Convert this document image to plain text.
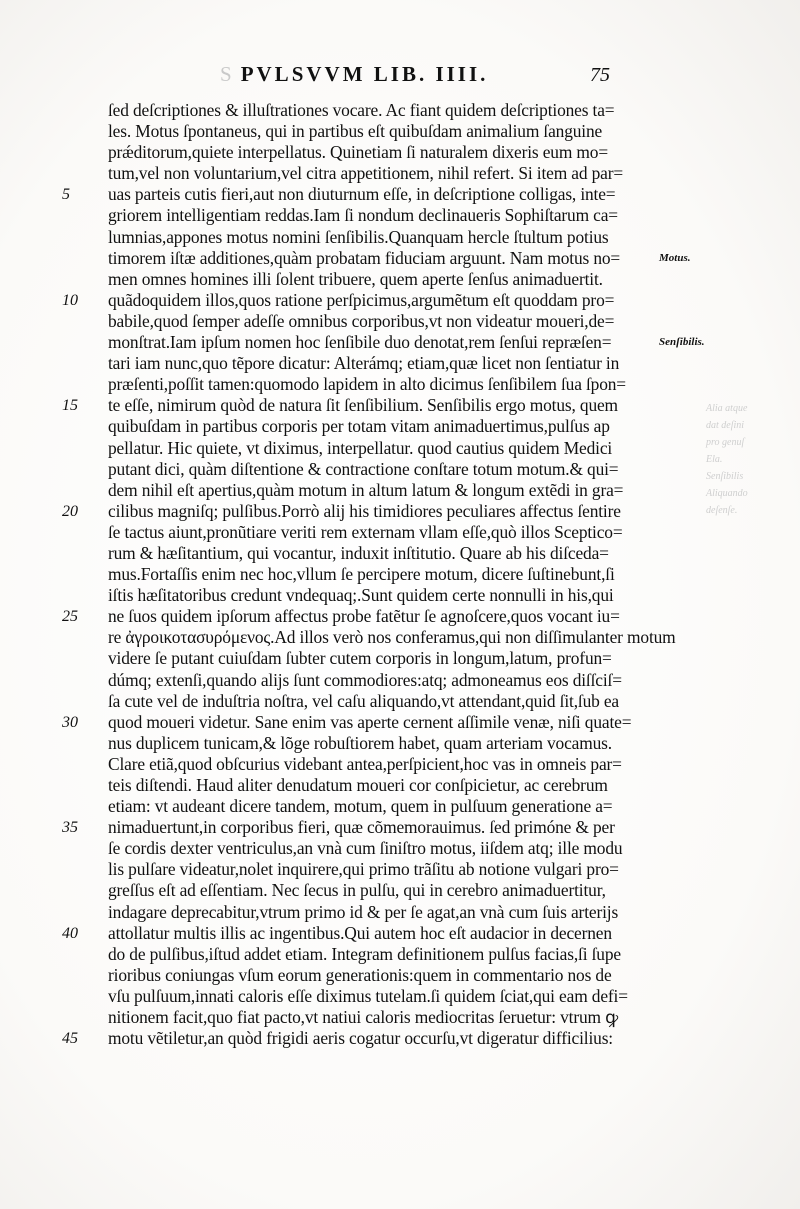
S PVLSVVM LIB. IIII.	75
Alia atque
dat deſini
pro genuſ
Ela.
Senſibilis
Aliquando
deſenſe.
ſed deſcriptiones & illuſtrationes vocare. Ac fiant quidem deſcriptiones ta=
les. Motus ſpontaneus, qui in partibus eſt quibuſdam animalium ſanguine
prǽditorum,quiete interpellatus. Quinetiam ſi naturalem dixeris eum mo=
tum,vel non voluntarium,vel citra appetitionem, nihil refert. Si item ad par=
uas parteis cutis fieri,aut non diuturnum eſſe, in deſcriptione colligas, inte=
griorem intelligentiam reddas.Iam ſi nondum declinaueris Sophiſtarum ca=
lumnias,appones motus nomini ſenſibilis.Quanquam hercle ſtultum potius
timorem iſtæ additiones,quàm probatam fiduciam arguunt. Nam motus no=
men omnes homines illi ſolent tribuere, quem aperte ſenſus animaduertit.
quãdoquidem illos,quos ratione perſpicimus,argumẽtum eſt quoddam pro=
babile,quod ſemper adeſſe omnibus corporibus,vt non videatur moueri,de=
monſtrat.Iam ipſum nomen hoc ſenſibile duo denotat,rem ſenſui repræſen=
tari iam nunc,quo tẽpore dicatur: Alterámq; etiam,quæ licet non ſentiatur in
præſenti,poſſit tamen:quomodo lapidem in alto dicimus ſenſibilem ſua ſpon=
te eſſe, nimirum quòd de natura ſit ſenſibilium. Senſibilis ergo motus, quem
quibuſdam in partibus corporis per totam vitam animaduertimus,pulſus ap
pellatur. Hic quiete, vt diximus, interpellatur. quod cautius quidem Medici
putant dici, quàm diſtentione & contractione conſtare totum motum.& qui=
dem nihil eſt apertius,quàm motum in altum latum & longum extẽdi in gra=
cilibus magniſq; pulſibus.Porrò alij his timidiores peculiares affectus ſentire
ſe tactus aiunt,pronũtiare veriti rem externam vllam eſſe,quò illos Sceptico=
rum & hæſitantium, qui vocantur, induxit inſtitutio. Quare ab his diſceda=
mus.Fortaſſis enim nec hoc,vllum ſe percipere motum, dicere ſuſtinebunt,ſi
iſtis hæſitatoribus credunt vndequaq;.Sunt quidem certe nonnulli in his,qui
ne ſuos quidem ipſorum affectus probe fatẽtur ſe agnoſcere,quos vocant iu=
re ἀγροικοτασυρόμενος.Ad illos verò nos conferamus,qui non diſſimulanter motum
videre ſe putant cuiuſdam ſubter cutem corporis in longum,latum, profun=
dúmq; extenſi,quando alijs ſunt commodiores:atq; admoneamus eos diſſciſ=
ſa cute vel de induſtria noſtra, vel caſu aliquando,vt attendant,quid ſit,ſub ea
quod moueri videtur. Sane enim vas aperte cernent aſſimile venæ, niſi quate=
nus duplicem tunicam,& lõge robuſtiorem habet, quam arteriam vocamus.
Clare etiã,quod obſcurius videbant antea,perſpicient,hoc vas in omneis par=
teis diſtendi. Haud aliter denudatum moueri cor conſpicietur, ac cerebrum
etiam: vt audeant dicere tandem, motum, quem in pulſuum generatione a=
nimaduertunt,in corporibus fieri, quæ cõmemorauimus. ſed primóne & per
ſe cordis dexter ventriculus,an vnà cum ſiniſtro motus, iiſdem atq; ille modu
lis pulſare videatur,nolet inquirere,qui primo trãſitu ab notione vulgari pro=
greſſus eſt ad eſſentiam. Nec ſecus in pulſu, qui in cerebro animaduertitur,
indagare deprecabitur,vtrum primo id & per ſe agat,an vnà cum ſuis arterijs
attollatur multis illis ac ingentibus.Qui autem hoc eſt audacior in decernen
do de pulſibus,iſtud addet etiam. Integram definitionem pulſus facias,ſi ſupe
rioribus coniungas vſum eorum generationis:quem in commentario nos de
vſu pulſuum,innati caloris eſſe diximus tutelam.ſi quidem ſciat,qui eam defi=
nitionem facit,quo fiat pacto,vt natiui caloris mediocritas ſeruetur: vtrum ꝙ
motu vẽtiletur,an quòd frigidi aeris cogatur occurſu,vt digeratur difficilius:
5
10
15
20
25
30
35
40
45
Motus.
Senſibilis.
